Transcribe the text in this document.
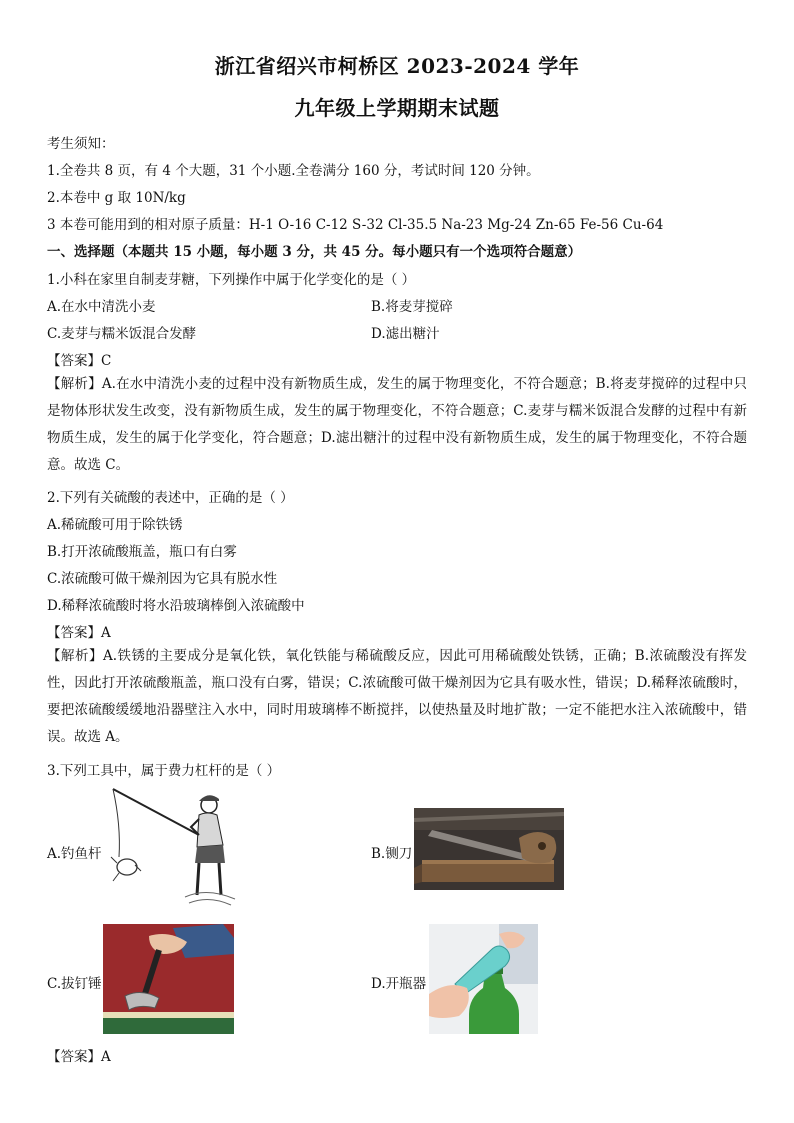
浙江省绍兴市柯桥区 2023-2024 学年
九年级上学期期末试题
考生须知：
1.全卷共 8 页，有 4 个大题，31 个小题.全卷满分 160 分，考试时间 120 分钟。
2.本卷中 g 取 10N/kg
3 本卷可能用到的相对原子质量：H-1 O-16 C-12 S-32 Cl-35.5 Na-23 Mg-24 Zn-65 Fe-56 Cu-64
一、选择题（本题共 15 小题，每小题 3 分，共 45 分。每小题只有一个选项符合题意）
1.小科在家里自制麦芽糖，下列操作中属于化学变化的是（ ）
A.在水中清洗小麦	B.将麦芽搅碎
C.麦芽与糯米饭混合发酵	D.滤出糖汁
【答案】C
【解析】A.在水中清洗小麦的过程中没有新物质生成，发生的属于物理变化，不符合题意；B.将麦芽搅碎的过程中只是物体形状发生改变，没有新物质生成，发生的属于物理变化，不符合题意；C.麦芽与糯米饭混合发酵的过程中有新物质生成，发生的属于化学变化，符合题意；D.滤出糖汁的过程中没有新物质生成，发生的属于物理变化，不符合题意。故选 C。
2.下列有关硫酸的表述中，正确的是（ ）
A.稀硫酸可用于除铁锈
B.打开浓硫酸瓶盖，瓶口有白雾
C.浓硫酸可做干燥剂因为它具有脱水性
D.稀释浓硫酸时将水沿玻璃棒倒入浓硫酸中
【答案】A
【解析】A.铁锈的主要成分是氧化铁，氧化铁能与稀硫酸反应，因此可用稀硫酸处铁锈，正确；B.浓硫酸没有挥发性，因此打开浓硫酸瓶盖，瓶口没有白雾，错误；C.浓硫酸可做干燥剂因为它具有吸水性，错误；D.稀释浓硫酸时，要把浓硫酸缓缓地沿器壁注入水中，同时用玻璃棒不断搅拌，以使热量及时地扩散；一定不能把水注入浓硫酸中，错误。故选 A。
3.下列工具中，属于费力杠杆的是（ ）
A.钓鱼杆	B.铡刀
C.拔钉锤	D.开瓶器
【答案】A
